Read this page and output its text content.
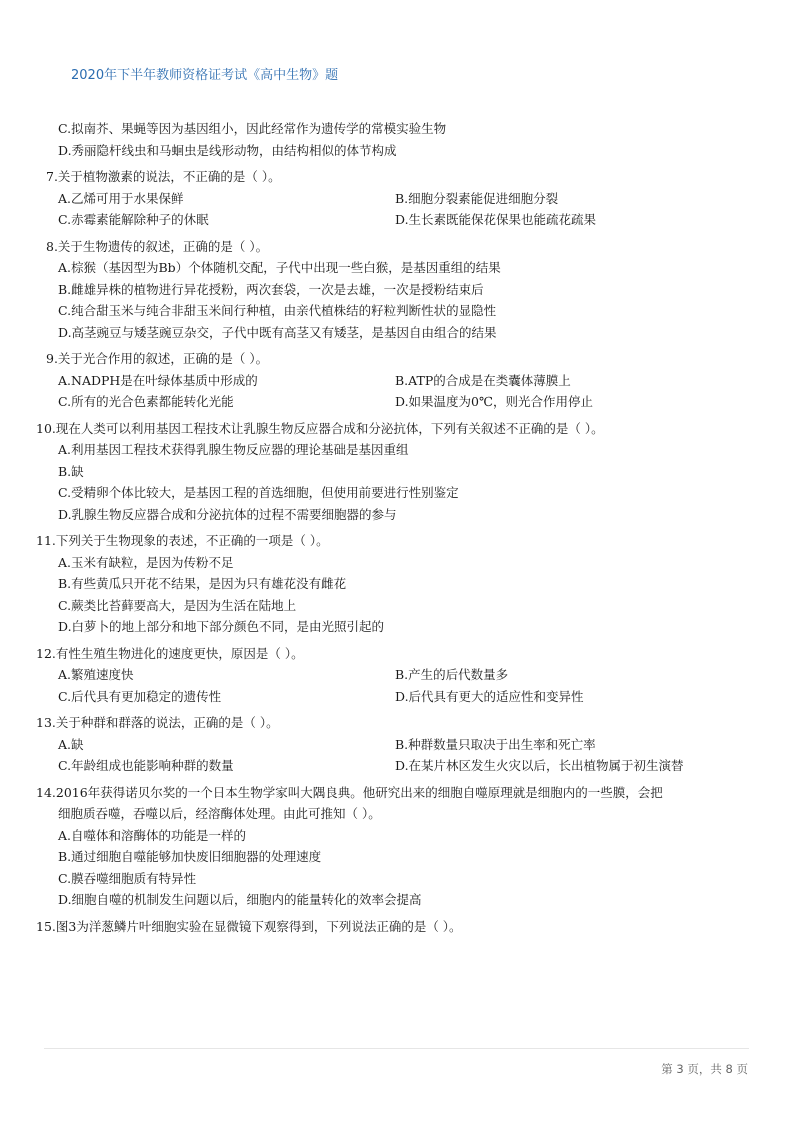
2020年下半年教师资格证考试《高中生物》题
C.拟南芥、果蝇等因为基因组小，因此经常作为遗传学的常模实验生物
D.秀丽隐杆线虫和马蛔虫是线形动物，由结构相似的体节构成
7.关于植物激素的说法，不正确的是（ ）。
A.乙烯可用于水果保鲜	B.细胞分裂素能促进细胞分裂
C.赤霉素能解除种子的休眠	D.生长素既能保花保果也能疏花疏果
8.关于生物遗传的叙述，正确的是（ ）。
A.棕猴（基因型为Bb）个体随机交配，子代中出现一些白猴，是基因重组的结果
B.雌雄异株的植物进行异花授粉，两次套袋，一次是去雄，一次是授粉结束后
C.纯合甜玉米与纯合非甜玉米间行种植，由亲代植株结的籽粒判断性状的显隐性
D.高茎豌豆与矮茎豌豆杂交，子代中既有高茎又有矮茎，是基因自由组合的结果
9.关于光合作用的叙述，正确的是（ ）。
A.NADPH是在叶绿体基质中形成的	B.ATP的合成是在类囊体薄膜上
C.所有的光合色素都能转化光能	D.如果温度为0℃，则光合作用停止
10.现在人类可以利用基因工程技术让乳腺生物反应器合成和分泌抗体，下列有关叙述不正确的是（ ）。
A.利用基因工程技术获得乳腺生物反应器的理论基础是基因重组
B.缺
C.受精卵个体比较大，是基因工程的首选细胞，但使用前要进行性别鉴定
D.乳腺生物反应器合成和分泌抗体的过程不需要细胞器的参与
11.下列关于生物现象的表述，不正确的一项是（ ）。
A.玉米有缺粒，是因为传粉不足
B.有些黄瓜只开花不结果，是因为只有雄花没有雌花
C.蕨类比苔藓要高大，是因为生活在陆地上
D.白萝卜的地上部分和地下部分颜色不同，是由光照引起的
12.有性生殖生物进化的速度更快，原因是（ ）。
A.繁殖速度快	B.产生的后代数量多
C.后代具有更加稳定的遗传性	D.后代具有更大的适应性和变异性
13.关于种群和群落的说法，正确的是（ ）。
A.缺	B.种群数量只取决于出生率和死亡率
C.年龄组成也能影响种群的数量	D.在某片林区发生火灾以后，长出植物属于初生演替
14.2016年获得诺贝尔奖的一个日本生物学家叫大隅良典。他研究出来的细胞自噬原理就是细胞内的一些膜，会把
细胞质吞噬，吞噬以后，经溶酶体处理。由此可推知（ ）。
A.自噬体和溶酶体的功能是一样的
B.通过细胞自噬能够加快废旧细胞器的处理速度
C.膜吞噬细胞质有特异性
D.细胞自噬的机制发生问题以后，细胞内的能量转化的效率会提高
15.图3为洋葱鳞片叶细胞实验在显微镜下观察得到，下列说法正确的是（ ）。
第 3 页，共 8 页
